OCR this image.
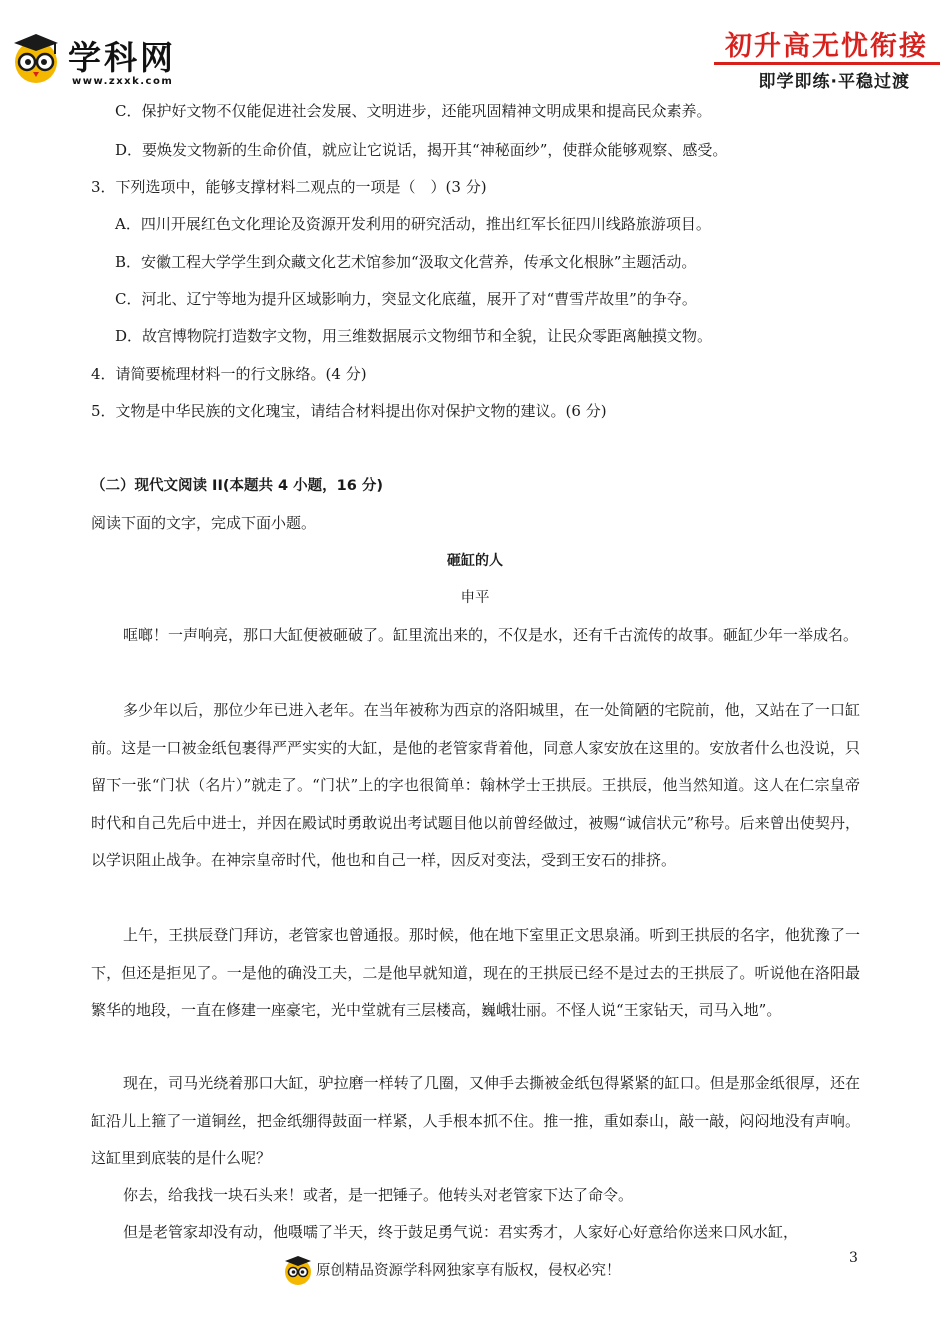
学科网
www.zxxk.com
初升高无忧衔接
即学即练·平稳过渡
C．保护好文物不仅能促进社会发展、文明进步，还能巩固精神文明成果和提高民众素养。
D．要焕发文物新的生命价值，就应让它说话，揭开其“神秘面纱”，使群众能够观察、感受。
3．下列选项中，能够支撑材料二观点的一项是（　）(3 分)
A．四川开展红色文化理论及资源开发利用的研究活动，推出红军长征四川线路旅游项目。
B．安徽工程大学学生到众藏文化艺术馆参加“汲取文化营养，传承文化根脉”主题活动。
C．河北、辽宁等地为提升区域影响力，突显文化底蕴，展开了对“曹雪芹故里”的争夺。
D．故宫博物院打造数字文物，用三维数据展示文物细节和全貌，让民众零距离触摸文物。
4．请简要梳理材料一的行文脉络。(4 分)
5．文物是中华民族的文化瑰宝，请结合材料提出你对保护文物的建议。(6 分)
（二）现代文阅读 II(本题共 4 小题，16 分)
阅读下面的文字，完成下面小题。
砸缸的人
申平
哐啷！一声响亮，那口大缸便被砸破了。缸里流出来的，不仅是水，还有千古流传的故事。砸缸少年一举成名。
多少年以后，那位少年已进入老年。在当年被称为西京的洛阳城里，在一处简陋的宅院前，他，又站在了一口缸前。这是一口被金纸包裹得严严实实的大缸，是他的老管家背着他，同意人家安放在这里的。安放者什么也没说，只留下一张“门状（名片）”就走了。“门状”上的字也很简单：翰林学士王拱辰。王拱辰，他当然知道。这人在仁宗皇帝时代和自己先后中进士，并因在殿试时勇敢说出考试题目他以前曾经做过，被赐“诚信状元”称号。后来曾出使契丹，以学识阻止战争。在神宗皇帝时代，他也和自己一样，因反对变法，受到王安石的排挤。
上午，王拱辰登门拜访，老管家也曾通报。那时候，他在地下室里正文思泉涌。听到王拱辰的名字，他犹豫了一下，但还是拒见了。一是他的确没工夫，二是他早就知道，现在的王拱辰已经不是过去的王拱辰了。听说他在洛阳最繁华的地段，一直在修建一座豪宅，光中堂就有三层楼高，巍峨壮丽。不怪人说“王家钻天，司马入地”。
现在，司马光绕着那口大缸，驴拉磨一样转了几圈，又伸手去撕被金纸包得紧紧的缸口。但是那金纸很厚，还在缸沿儿上箍了一道铜丝，把金纸绷得鼓面一样紧，人手根本抓不住。推一推，重如泰山，敲一敲，闷闷地没有声响。这缸里到底装的是什么呢？
你去，给我找一块石头来！或者，是一把锤子。他转头对老管家下达了命令。
但是老管家却没有动，他嗫嚅了半天，终于鼓足勇气说：君实秀才，人家好心好意给你送来口风水缸，
原创精品资源学科网独家享有版权，侵权必究！
3
